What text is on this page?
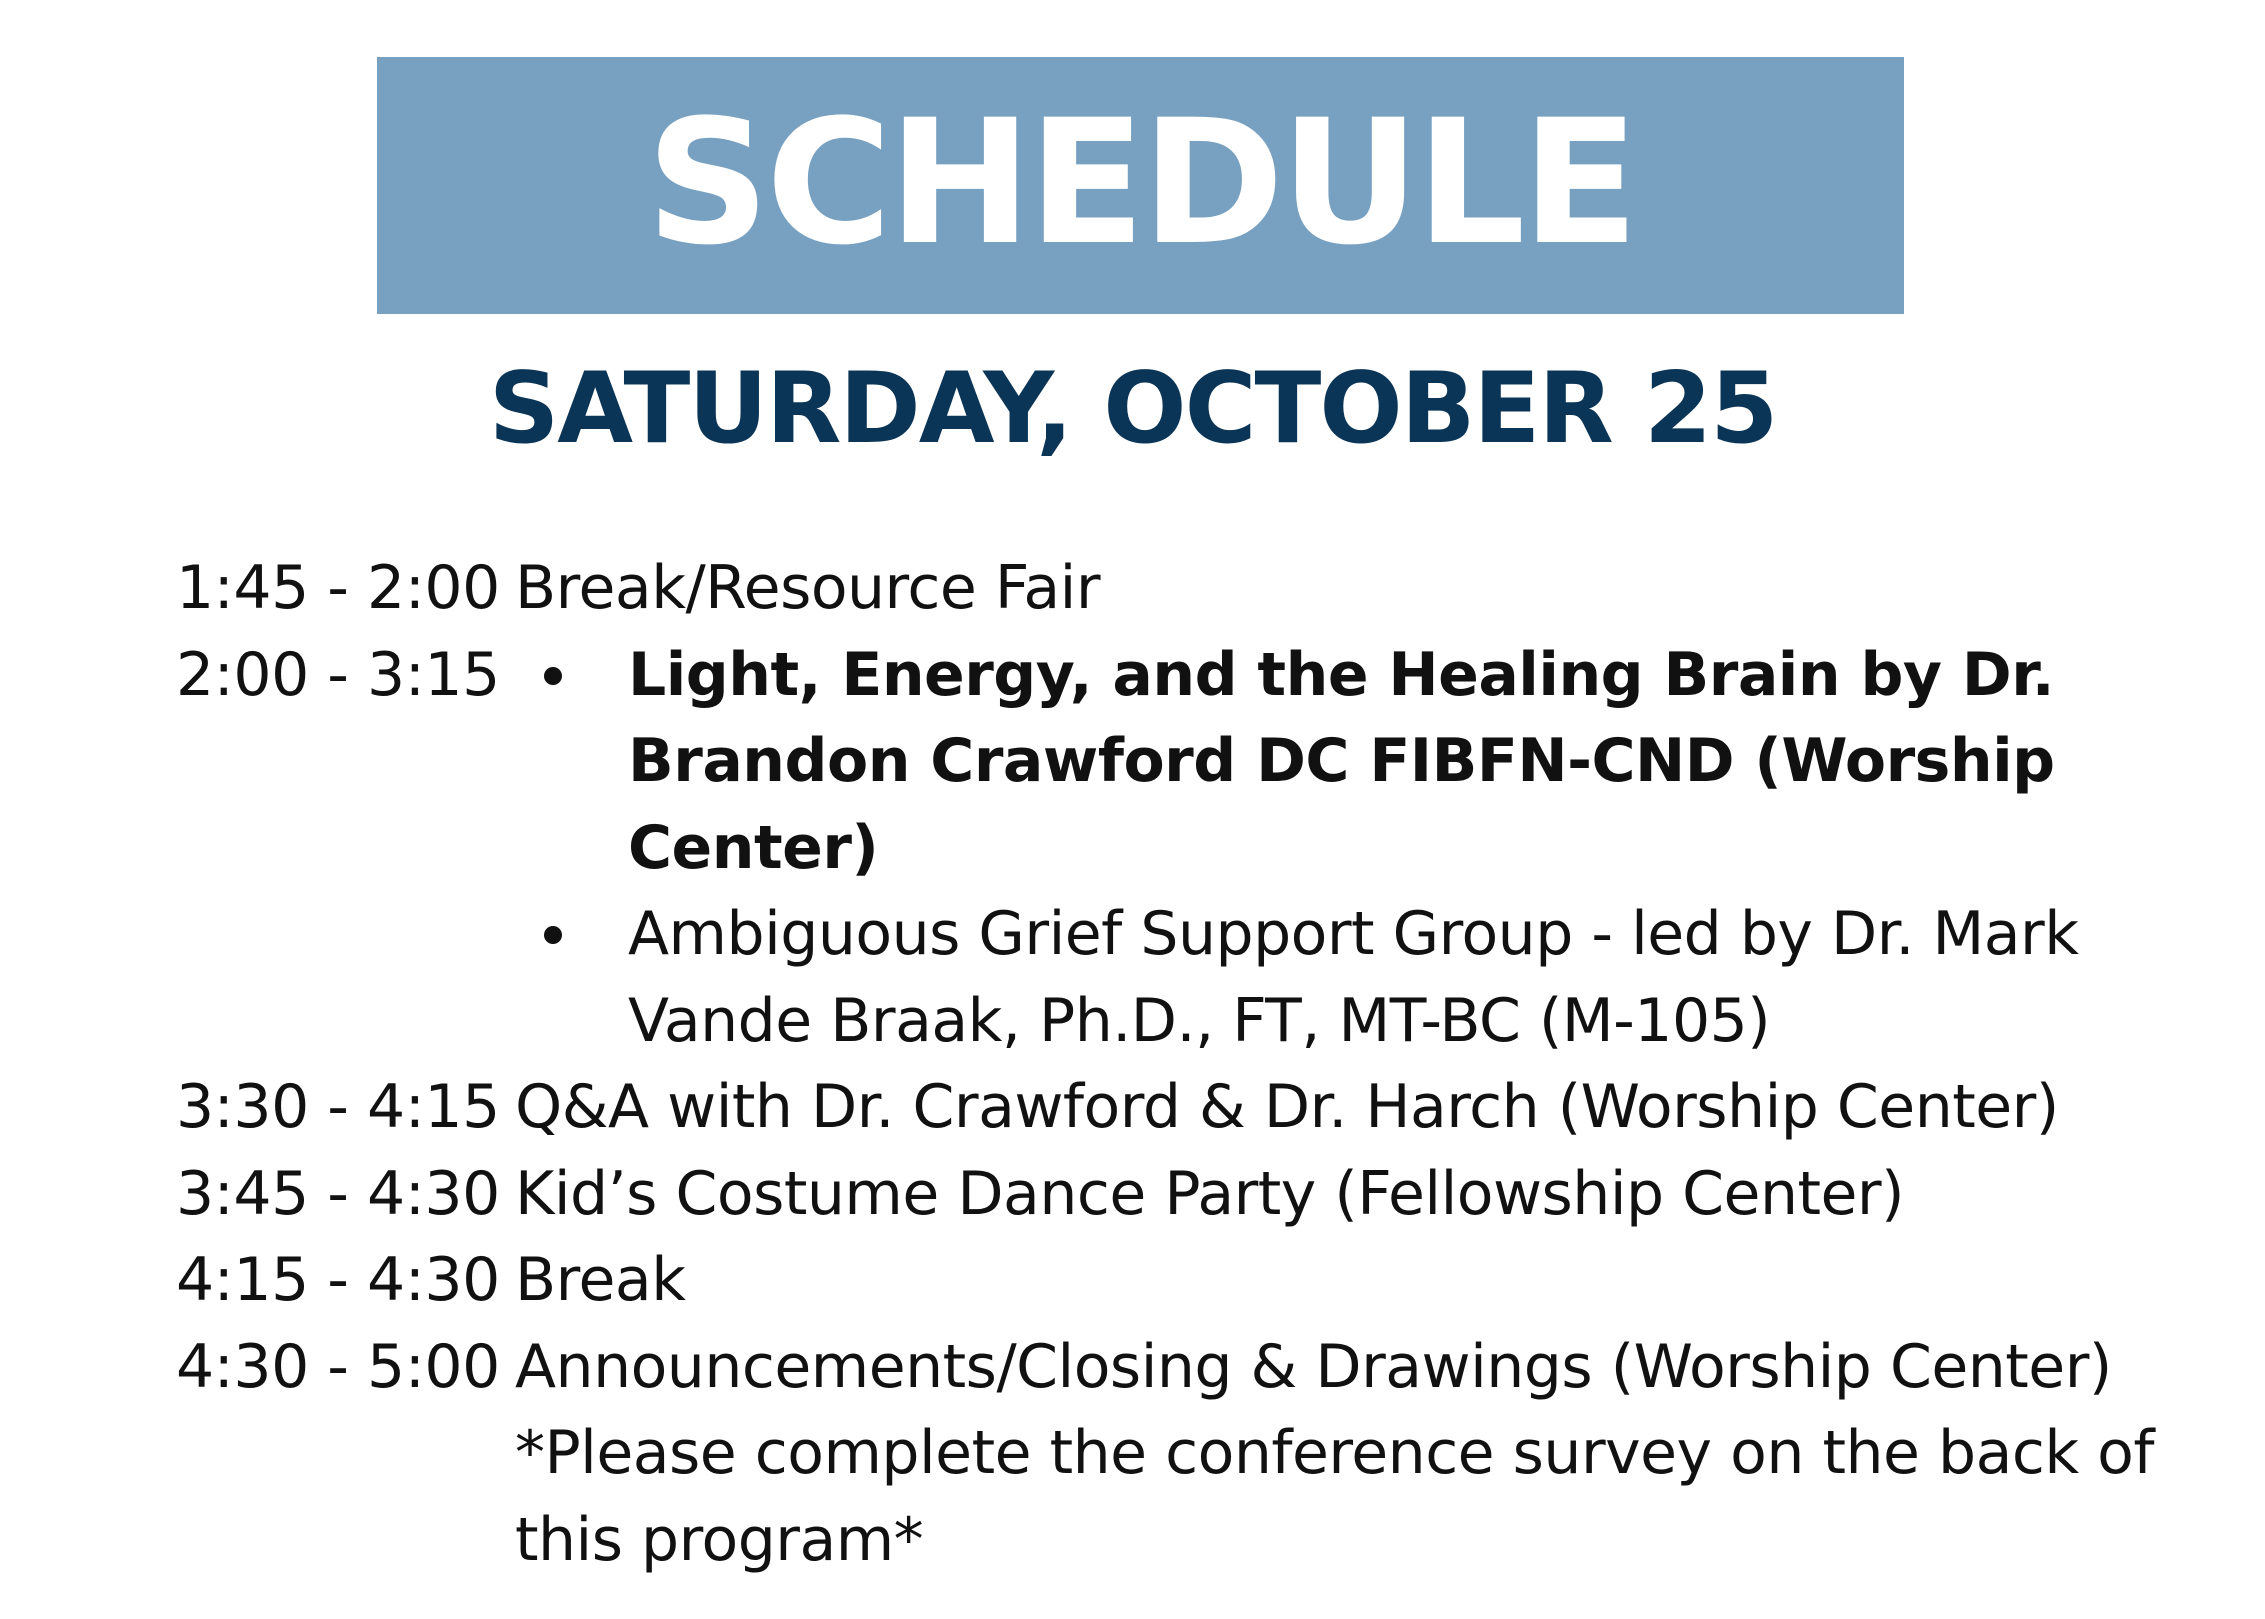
SCHEDULE
SATURDAY, OCTOBER 25
1:45 - 2:00 Break/Resource Fair
2:00 - 3:15 Light, Energy, and the Healing Brain by Dr. Brandon Crawford DC FIBFN-CND (Worship Center)
Ambiguous Grief Support Group - led by Dr. Mark Vande Braak, Ph.D., FT, MT-BC (M-105)
3:30 - 4:15 Q&A with Dr. Crawford & Dr. Harch (Worship Center)
3:45 - 4:30 Kid’s Costume Dance Party (Fellowship Center)
4:15 - 4:30 Break
4:30 - 5:00 Announcements/Closing & Drawings (Worship Center)
*Please complete the conference survey on the back of this program*
